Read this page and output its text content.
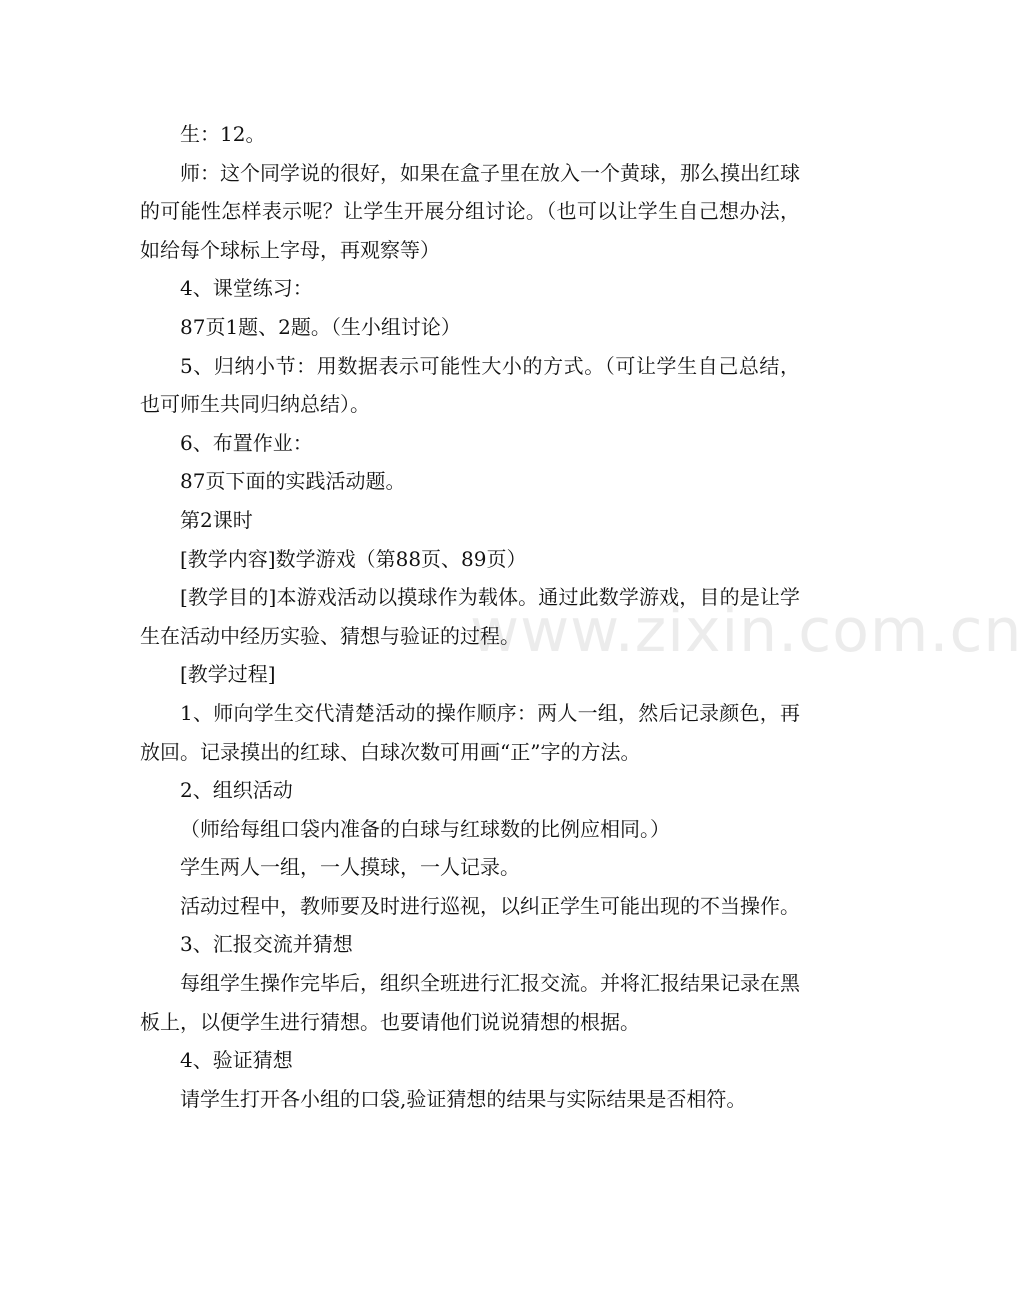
www.zixin.com.cn

生：12。

师：这个同学说的很好，如果在盒子里在放入一个黄球，那么摸出红球的可能性怎样表示呢？让学生开展分组讨论。（也可以让学生自己想办法，如给每个球标上字母，再观察等）

4、课堂练习：

87页1题、2题。（生小组讨论）

5、归纳小节：用数据表示可能性大小的方式。（可让学生自己总结，也可师生共同归纳总结）。

6、布置作业：

87页下面的实践活动题。

第2课时

[教学内容]数学游戏（第88页、89页）

[教学目的]本游戏活动以摸球作为载体。通过此数学游戏，目的是让学生在活动中经历实验、猜想与验证的过程。

[教学过程]

1、师向学生交代清楚活动的操作顺序：两人一组，然后记录颜色，再放回。记录摸出的红球、白球次数可用画“正”字的方法。

2、组织活动

（师给每组口袋内准备的白球与红球数的比例应相同。）

学生两人一组，一人摸球，一人记录。

活动过程中，教师要及时进行巡视，以纠正学生可能出现的不当操作。

3、汇报交流并猜想

每组学生操作完毕后，组织全班进行汇报交流。并将汇报结果记录在黑板上，以便学生进行猜想。也要请他们说说猜想的根据。

4、验证猜想

请学生打开各小组的口袋,验证猜想的结果与实际结果是否相符。
